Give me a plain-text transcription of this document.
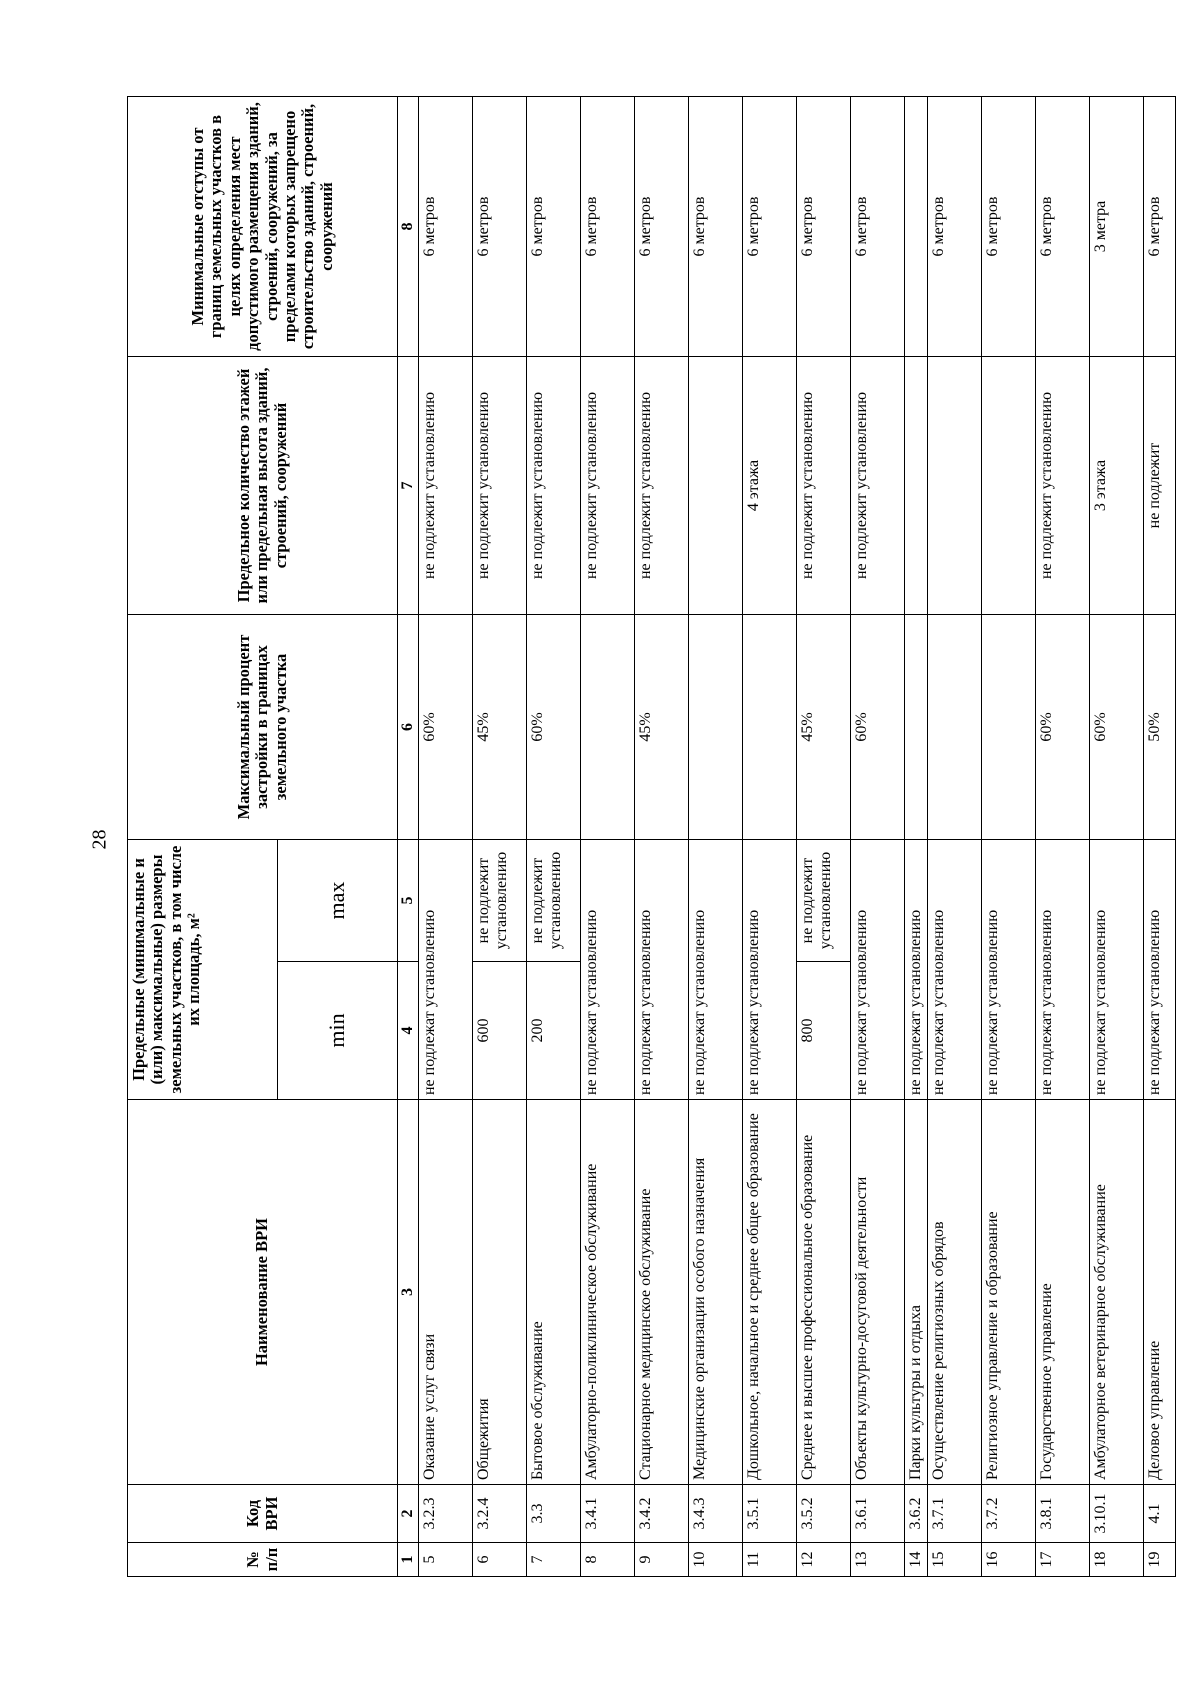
28
№ п/п	Код ВРИ	Наименование ВРИ	Предельные (минимальные и (или) максимальные) размеры земельных участков, в том числе их площадь, м²		Максимальный процент застройки в границах земельного участка	Предельное количество этажей или предельная высота зданий, строений, сооружений	Минимальные отступы от границ земельных участков в целях определения мест допустимого размещения зданий, строений, сооружений, за пределами которых запрещено строительство зданий, строений, сооружений
			min	max			
1	2	3	4	5	6	7	8
5	3.2.3	Оказание услуг связи	не подлежат установлению		60%	не подлежит установлению	6 метров
6	3.2.4	Общежития	600	не подлежит установлению	45%	не подлежит установлению	6 метров
7	3.3	Бытовое обслуживание	200	не подлежит установлению	60%	не подлежит установлению	6 метров
8	3.4.1	Амбулаторно-поликлиническое обслуживание	не подлежат установлению			не подлежит установлению	6 метров
9	3.4.2	Стационарное медицинское обслуживание	не подлежат установлению		45%	не подлежит установлению	6 метров
10	3.4.3	Медицинские организации особого назначения	не подлежат установлению				6 метров
11	3.5.1	Дошкольное, начальное и среднее общее образование	не подлежат установлению			4 этажа	6 метров
12	3.5.2	Среднее и высшее профессиональное образование	800	не подлежит установлению	45%	не подлежит установлению	6 метров
13	3.6.1	Объекты культурно-досуговой деятельности	не подлежат установлению		60%	не подлежит установлению	6 метров
14	3.6.2	Парки культуры и отдыха	не подлежат установлению				
15	3.7.1	Осуществление религиозных обрядов	не подлежат установлению				6 метров
16	3.7.2	Религиозное управление и образование	не подлежат установлению				6 метров
17	3.8.1	Государственное управление	не подлежат установлению		60%	не подлежит установлению	6 метров
18	3.10.1	Амбулаторное ветеринарное обслуживание	не подлежат установлению		60%	3 этажа	3 метра
19	4.1	Деловое управление	не подлежат установлению		50%	не подлежит	6 метров
